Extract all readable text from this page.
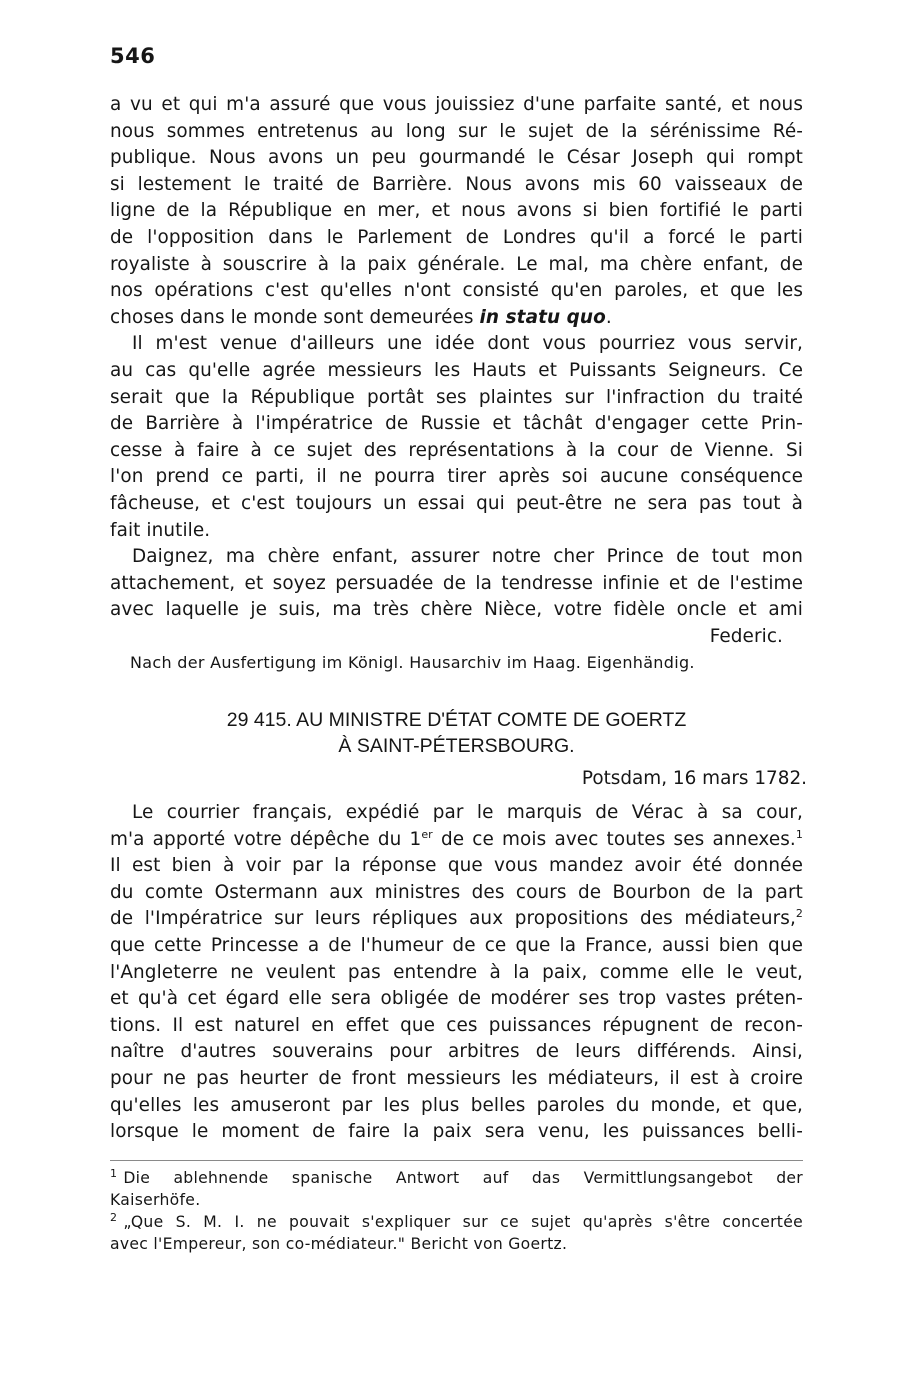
546
a vu et qui m'a assuré que vous jouissiez d'une parfaite santé, et nous
nous sommes entretenus au long sur le sujet de la sérénissime Ré-
publique. Nous avons un peu gourmandé le César Joseph qui rompt
si lestement le traité de Barrière. Nous avons mis 60 vaisseaux de
ligne de la République en mer, et nous avons si bien fortifié le parti
de l'opposition dans le Parlement de Londres qu'il a forcé le parti
royaliste à souscrire à la paix générale. Le mal, ma chère enfant, de
nos opérations c'est qu'elles n'ont consisté qu'en paroles, et que les
choses dans le monde sont demeurées in statu quo.
Il m'est venue d'ailleurs une idée dont vous pourriez vous servir,
au cas qu'elle agrée messieurs les Hauts et Puissants Seigneurs. Ce
serait que la République portât ses plaintes sur l'infraction du traité
de Barrière à l'impératrice de Russie et tâchât d'engager cette Prin-
cesse à faire à ce sujet des représentations à la cour de Vienne. Si
l'on prend ce parti, il ne pourra tirer après soi aucune conséquence
fâcheuse, et c'est toujours un essai qui peut-être ne sera pas tout à
fait inutile.
Daignez, ma chère enfant, assurer notre cher Prince de tout mon
attachement, et soyez persuadée de la tendresse infinie et de l'estime
avec laquelle je suis, ma très chère Nièce, votre fidèle oncle et ami
Federic.
Nach der Ausfertigung im Königl. Hausarchiv im Haag. Eigenhändig.
29 415. AU MINISTRE D'ÉTAT COMTE DE GOERTZ
À SAINT-PÉTERSBOURG.
Potsdam, 16 mars 1782.
Le courrier français, expédié par le marquis de Vérac à sa cour,
m'a apporté votre dépêche du 1er de ce mois avec toutes ses annexes.$^1$
Il est bien à voir par la réponse que vous mandez avoir été donnée
du comte Ostermann aux ministres des cours de Bourbon de la part
de l'Impératrice sur leurs répliques aux propositions des médiateurs,$^2$
que cette Princesse a de l'humeur de ce que la France, aussi bien que
l'Angleterre ne veulent pas entendre à la paix, comme elle le veut,
et qu'à cet égard elle sera obligée de modérer ses trop vastes préten-
tions. Il est naturel en effet que ces puissances répugnent de recon-
naître d'autres souverains pour arbitres de leurs différends. Ainsi,
pour ne pas heurter de front messieurs les médiateurs, il est à croire
qu'elles les amuseront par les plus belles paroles du monde, et que,
lorsque le moment de faire la paix sera venu, les puissances belli-
$^1$ Die ablehnende spanische Antwort auf das Vermittlungsangebot der
Kaiserhöfe.
$^2$ „Que S. M. I. ne pouvait s'expliquer sur ce sujet qu'après s'être concertée
avec l'Empereur, son co-médiateur." Bericht von Goertz.
